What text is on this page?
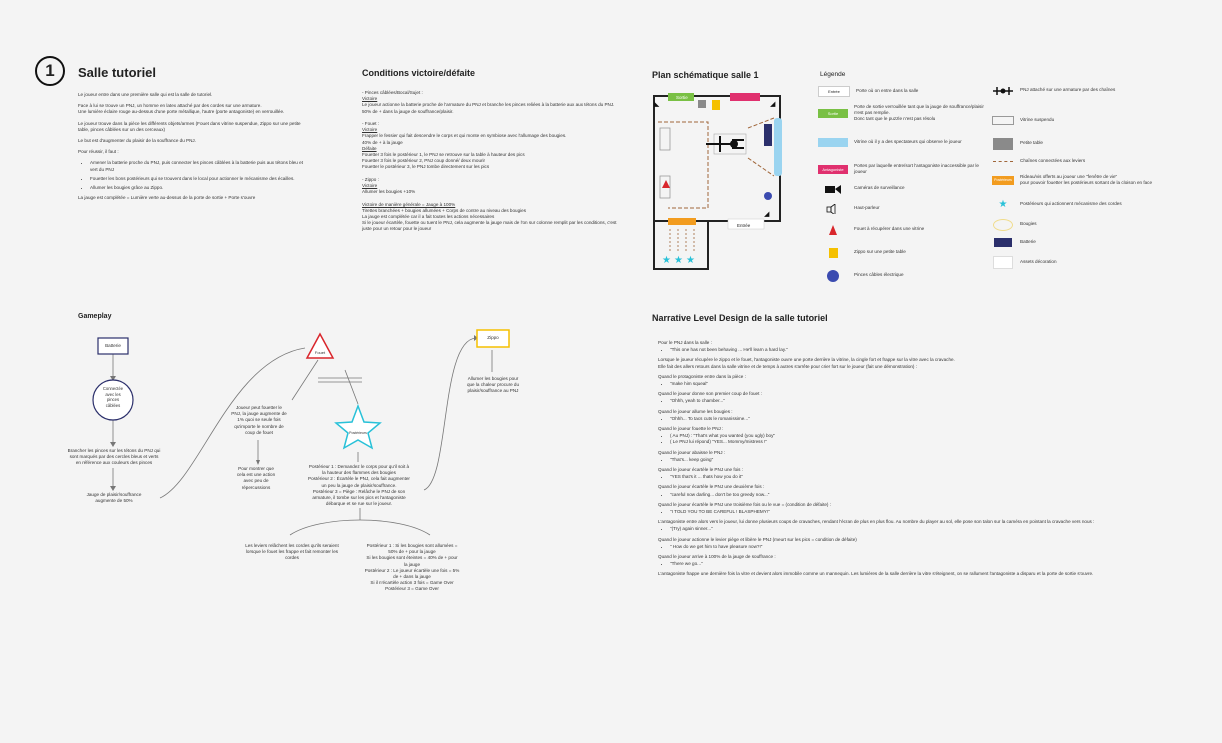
1 Salle tutoriel

Le joueur entre dans une première salle qui est la salle de tutoriel.

Face à lui se trouve un PNJ, un homme en latex attaché par des cordes sur une armature.
Une lumière éclaire rouge au-dessus d'une porte métallique, l'autre (porte antagoniste) en verrouillée.

Le joueur trouve dans la pièce les différents objets/armes (Fouet dans vitrine suspendue, Zippo sur une petite table, pinces câblées sur un des cerceaux)

Le but est d'augmenter du plaisir de la souffrance du PNJ.

Pour réussir, il faut :

• Amener la batterie proche du PNJ, puis connecter les pinces câblées à la batterie puis aux tétons bleu et vert du PNJ
• Fouetter les bons postérieurs qui se trouvent dans le local pour actionner le mécanisme des écailles.
• Allumer les bougies grâce au Zippo.

La jauge est complétée = Lumière verte au-dessus de la porte de sortie + Porte s'ouvre

Conditions victoire/défaite
- Pinces câblées/Bocal/Sujet :
Victoire
Le joueur actionne la batterie proche de l'armature du PNJ et branche les pinces reliées à la batterie aux aux tétons du PNJ.
50% de + dans la jauge de souffrance/plaisir.
- Fouet :
Victoire
Frapper le fessier qui fait descendre le corps et qui monte en symbiose avec l'allumage des bougies.
40% de + à la jauge
Défaite
Fouetter 3 fois le postérieur 1, le PNJ se retrouve sur la table à hauteur des pics
Fouetter 3 fois le postérieur 2, PNJ coup donné/ deux mourir
Fouetter le postérieur 3, le PNJ tombe directement sur les pics
- Zippo :
Victoire
Allumer les bougies +10%
Victoire de manière générale = Jauge à 100%
Tirettes branchées + bougies allumées + Corps de contre au niveau des bougies
La jauge est complétée car il a fait toutes les actions nécessaires
Si le joueur écartèle, fouette ou tuent le PNJ, cela augmente la jauge mais de l'on sur colonne remplit par les conditions, c'est juste pour un retour pour le joueur
Plan schématique salle 1
★ ★ ★
◣	◢
◢
Sortie
Entrée
Légende
Entrée	Porte où on entre dans la salle
Sortie
Porte de sortie verrouillée tant que la jauge de souffrance/plaisir n'est pas remplie.
Donc tant que le puzzle n'est pas résolu
Vitrine où il y a des spectateurs qui observe le joueur
Antagoniste
Portes par laquelle entre/sort l'antagoniste inaccessible par le joueur
Caméras de surveillance
Haut-parleur
Fouet à récupérer dans une vitrine
Zippo sur une petite table
Pinces câbles électrique
PNJ attaché sur une armature par des chaînes
Vitrine suspendu
Petite table
Chaînes connectées aux leviers
Postérieurs
Rideau/vis offerts au joueur une "fenêtre de vie"
pour pouvoir fouetter les postérieurs sortant de la cloison en face
★	Postérieurs qui actionnent mécanisme des cordes
Bougies
Batterie
Assets décoration
Gameplay
Batterie
Connectée
avec les
pinces
câblées
Brancher les pinces sur les tétons du PNJ qui
sont marqués par des cercles bleus et verts
en référence aux couleurs des pinces
Jauge de plaisir/souffrance
augmente de 50%
Fouet
Joueur peut fouetter le
PNJ, la jauge augmente de
1% quoi se seule fois
qu'importe le nombre de
coup de fouet
Pour montrer que
cela est une action
avec peu de
répercussions
Postérieurs
Postérieur 1 : Demandez le corps pour qu'il soit à
la hauteur des flammes des bougies
Postérieur 2 : Écartèle le PNJ, cela fait augmenter
un peu la jauge de plaisir/souffrance.
Postérieur 3 = Piège : Relâche le PNJ de son
armature, il tombe sur les pics et l'antagoniste
débarque et se rue sur le joueur.
Zippo
Allumer les bougies pour
que la chaleur procure du
plaisir/souffrance au PNJ
Les leviers relâchent les cordes qu'ils seraient
lorsque le fouet les frappe et fait remonter les
cordes
Postérieur 1 : Si les bougies sont allumées =
50% de + pour la jauge
Si les bougies sont éteintes = 40% de + pour
la jauge
Postérieur 2 : Le joueur écartèle une fois = 5%
de + dans la jauge
Si il n'écartèle action 3 fois = Game Over
Postérieur 3 = Game Over
Narrative Level Design de la salle tutoriel
Pour le PNJ dans la salle :
• "This one has not been behaving ... He'll learn a hard lay."
Lorsque le joueur récupère le zippo et le fouet, l'antagoniste ouvre une porte derrière la vitrine, la cingle fort et frappe sur la vitre avec la cravache.
Elle fait des allers retours dans la salle vitrine et de temps à autres s'arrête pour crier fort sur le joueur (fait une démonstration) :
Quand le protagoniste entre dans la pièce :
• "make him squeal"
Quand le joueur donne son premier coup de fouet :
• "Ohhh, yeah to chamber..."
Quand le joueur allume les bougies :
• "Ohhh... To tacs cuts le romanissime..."
Quand le joueur fouette le PNJ :
• ( Au PNJ) : "That's what you wanted (you ugly) boy"
• ( Le PNJ lui répond) "YES... Mommy/mistress !"
Quand le joueur abaisse le PNJ :
• "That's... keep going"
Quand le joueur écartèle le PNJ une fois :
• "YES that's it ... thats how you do it"
Quand le joueur écartèle le PNJ une deuxième fois :
• "careful now darling... don't be too greedy now..."
Quand le joueur écartèle le PNJ une troisième fois ou le vue = (condition de défaite) :
• "I TOLD YOU TO BE CAREFUL ! BLASPHEMY!"
L'antagoniste entre alors vers le joueur, lui donne plusieurs coups de cravaches, rendant l'écran de plus en plus flou. Au nombre du player au sol, elle pose son talon sur la caméra en pointant la cravache vers nous :
• "(Try) again sinner..."
Quand le joueur actionne le levier piège et libère le PNJ (meurt sur les pics = condition de défaite)
• " How do we get him to have pleasure now?!"
Quand le joueur arrive à 100% de la jauge de souffrance :
• "There we go..."
L'antagoniste frappe une dernière fois la vitre et devient alors immobile comme un mannequin. Les lumières de la salle derrière la vitre s'éteignent, on se rallument l'antagoniste a disparu et la porte de sortie s'ouvre.
